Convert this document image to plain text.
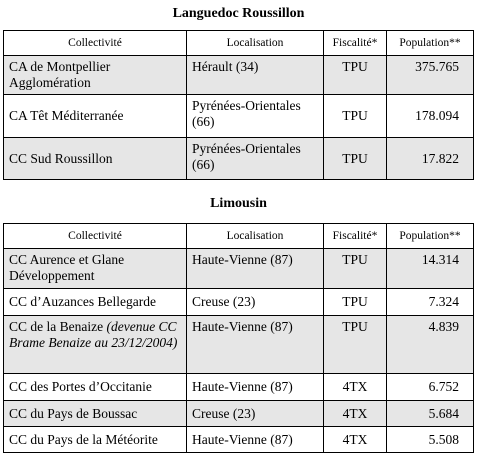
Languedoc Roussillon
Collectivité	Localisation	Fiscalité*	Population**
CA de Montpellier Agglomération	Hérault (34)	TPU	375.765
CA Têt Méditerranée	Pyrénées-Orientales (66)	TPU	178.094
CC Sud Roussillon	Pyrénées-Orientales (66)	TPU	17.822
Limousin
Collectivité	Localisation	Fiscalité*	Population**
CC Aurence et Glane Développement	Haute-Vienne (87)	TPU	14.314
CC d’Auzances Bellegarde	Creuse (23)	TPU	7.324
CC de la Benaize (devenue CC Brame Benaize au 23/12/2004)	Haute-Vienne (87)	TPU	4.839
CC des Portes d’Occitanie	Haute-Vienne (87)	4TX	6.752
CC du Pays de Boussac	Creuse (23)	4TX	5.684
CC du Pays de la Météorite	Haute-Vienne (87)	4TX	5.508
